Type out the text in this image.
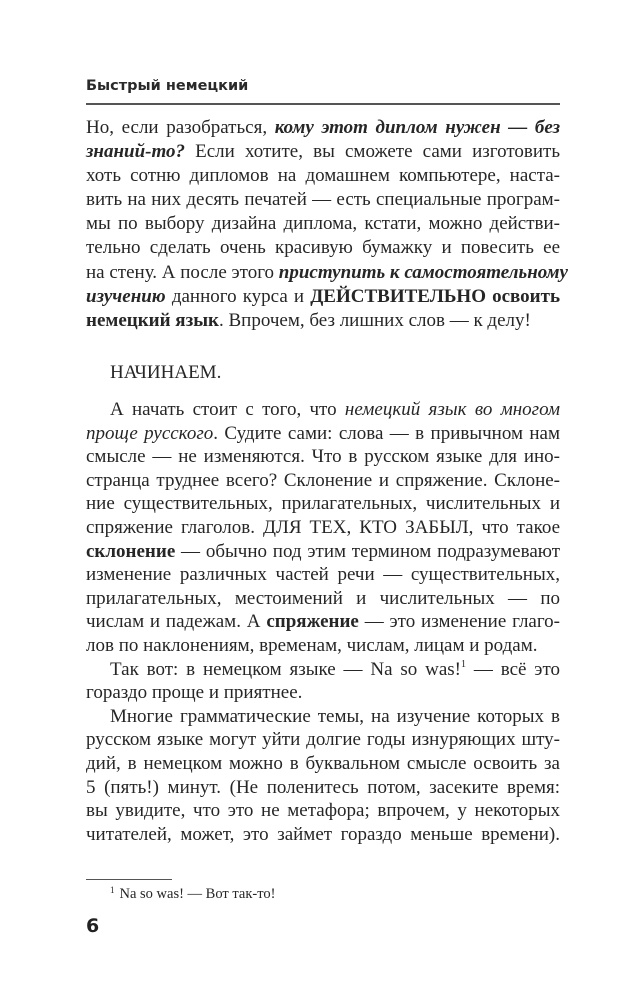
Быстрый немецкий
Но, если разобраться, кому этот диплом нужен — без
знаний-то? Если хотите, вы сможете сами изготовить
хоть сотню дипломов на домашнем компьютере, наста-
вить на них десять печатей — есть специальные програм-
мы по выбору дизайна диплома, кстати, можно действи-
тельно сделать очень красивую бумажку и повесить ее
на стену. А после этого приступить к самостоятельному
изучению данного курса и ДЕЙСТВИТЕЛЬНО освоить
немецкий язык. Впрочем, без лишних слов — к делу!
НАЧИНАЕМ.
А начать стоит с того, что немецкий язык во многом
проще русского. Судите сами: слова — в привычном нам
смысле — не изменяются. Что в русском языке для ино-
странца труднее всего? Склонение и спряжение. Склоне-
ние существительных, прилагательных, числительных и
спряжение глаголов. ДЛЯ ТЕХ, КТО ЗАБЫЛ, что такое
склонение — обычно под этим термином подразумевают
изменение различных частей речи — существительных,
прилагательных, местоимений и числительных — по
числам и падежам. А спряжение — это изменение глаго-
лов по наклонениям, временам, числам, лицам и родам.
Так вот: в немецком языке — Na so was!$^1$ — всё это
гораздо проще и приятнее.
Многие грамматические темы, на изучение которых в
русском языке могут уйти долгие годы изнуряющих шту-
дий, в немецком можно в буквальном смысле освоить за
5 (пять!) минут. (Не поленитесь потом, засеките время:
вы увидите, что это не метафора; впрочем, у некоторых
читателей, может, это займет гораздо меньше времени).
$^1$ Na so was! — Вот так-то!
6
